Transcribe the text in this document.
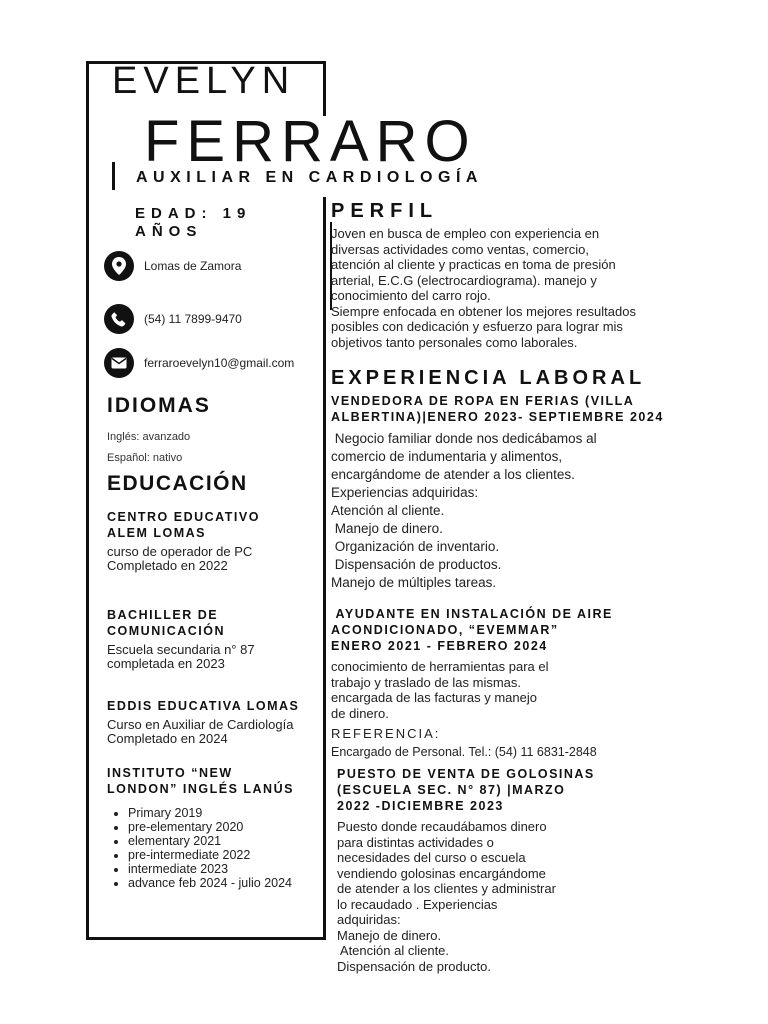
EVELYN
FERRARO
AUXILIAR EN CARDIOLOGÍA
EDAD: 19 AÑOS
Lomas de Zamora
(54) 11 7899-9470
ferraroevelyn10@gmail.com
IDIOMAS
Inglés: avanzado
Español: nativo
EDUCACIÓN
CENTRO EDUCATIVO
ALEM LOMAS
curso de operador de PC
Completado en 2022
BACHILLER DE
COMUNICACIÓN
Escuela secundaria n° 87
completada en 2023
EDDIS EDUCATIVA LOMAS
Curso en Auxiliar de Cardiología
Completado en 2024
INSTITUTO “NEW
LONDON” INGLÉS LANÚS
• Primary 2019
• pre-elementary 2020
• elementary 2021
• pre-intermediate 2022
• intermediate 2023
• advance feb 2024 - julio 2024
PERFIL
Joven en busca de empleo con experiencia en
diversas actividades como ventas, comercio,
atención al cliente y practicas en toma de presión
arterial, E.C.G (electrocardiograma). manejo y
conocimiento del carro rojo.
Siempre enfocada en obtener los mejores resultados
posibles con dedicación y esfuerzo para lograr mis
objetivos tanto personales como laborales.
EXPERIENCIA LABORAL
VENDEDORA DE ROPA EN FERIAS (VILLA
ALBERTINA)|ENERO 2023- SEPTIEMBRE 2024
Negocio familiar donde nos dedicábamos al
comercio de indumentaria y alimentos,
encargándome de atender a los clientes.
Experiencias adquiridas:
Atención al cliente.
Manejo de dinero.
Organización de inventario.
Dispensación de productos.
Manejo de múltiples tareas.
AYUDANTE EN INSTALACIÓN DE AIRE
ACONDICIONADO, “EVEMMAR”
ENERO 2021 - FEBRERO 2024
conocimiento de herramientas para el
trabajo y traslado de las mismas.
encargada de las facturas y manejo
de dinero.
REFERENCIA:
Encargado de Personal. Tel.: (54) 11 6831-2848
PUESTO DE VENTA DE GOLOSINAS
(ESCUELA SEC. N° 87) |MARZO
2022 -DICIEMBRE 2023
Puesto donde recaudábamos dinero
para distintas actividades o
necesidades del curso o escuela
vendiendo golosinas encargándome
de atender a los clientes y administrar
lo recaudado . Experiencias
adquiridas:
Manejo de dinero.
Atención al cliente.
Dispensación de producto.
